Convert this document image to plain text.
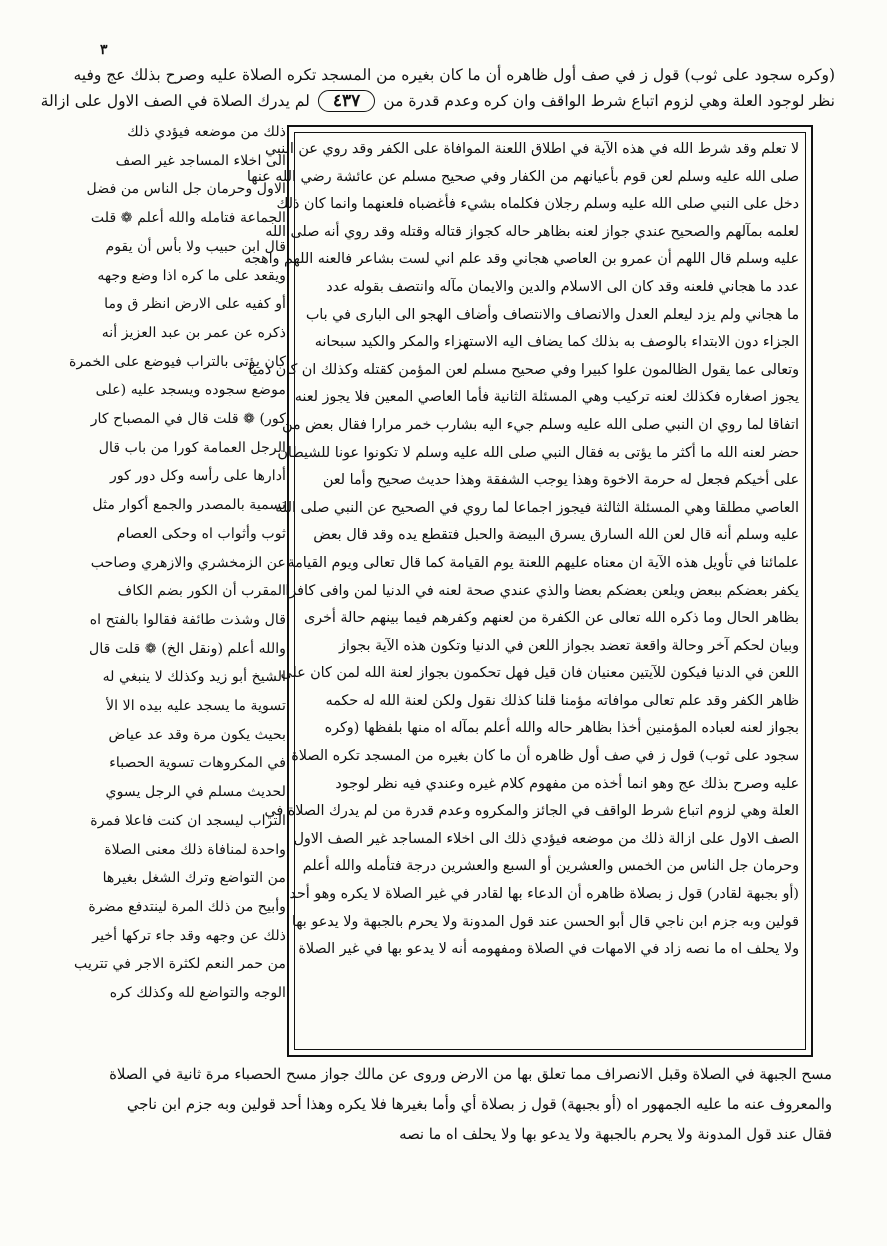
٣
(وكره سجود على ثوب) قول ز في صف أول ظاهره أن ما كان بغيره من المسجد تكره الصلاة عليه وصرح بذلك عج وفيه
نظر لوجود العلة وهي لزوم اتباع شرط الواقف وان كره وعدم قدرة من
٤٣٧
لم يدرك الصلاة في الصف الاول على ازالة

ذلك من موضعه فيؤدي ذلك

الى اخلاء المساجد غير الصف

الاول وحرمان جل الناس من فضل

الجماعة فتامله والله أعلم ❁ قلت

قال ابن حبيب ولا بأس أن يقوم

ويقعد على ما كره اذا وضع وجهه

أو كفيه على الارض انظر ق وما

ذكره عن عمر بن عبد العزيز أنه

كان يؤتى بالتراب فيوضع على الخمرة

موضع سجوده ويسجد عليه (على

كور) ❁ قلت قال في المصباح كار

الرجل العمامة كورا من باب قال

أدارها على رأسه وكل دور كور

تسمية بالمصدر والجمع أكوار مثل

ثوب وأثواب اه وحكى العصام

عن الزمخشري والازهري وصاحب

المقرب أن الكور بضم الكاف

قال وشذت طائفة فقالوا بالفتح اه

والله أعلم (ونقل الخ) ❁ قلت قال

الشيخ أبو زيد وكذلك لا ينبغي له

تسوية ما يسجد عليه بيده الا الأ

بحيث يكون مرة وقد عد عياض

في المكروهات تسوية الحصباء

لحديث مسلم في الرجل يسوي

التراب ليسجد ان كنت فاعلا فمرة

واحدة لمنافاة ذلك معنى الصلاة

من التواضع وترك الشغل بغيرها

وأبيح من ذلك المرة لينتدفع مضرة

ذلك عن وجهه وقد جاء تركها أخير

من حمر النعم لكثرة الاجر في تتريب

الوجه والتواضع لله وكذلك كره

لا تعلم وقد شرط الله في هذه الآية في اطلاق اللعنة الموافاة على الكفر وقد روي عن النبي

صلى الله عليه وسلم لعن قوم بأعيانهم من الكفار وفي صحيح مسلم عن عائشة رضي الله عنها

دخل على النبي صلى الله عليه وسلم رجلان فكلماه بشيء فأغضباه فلعنهما وانما كان ذلك

لعلمه بمآلهم والصحيح عندي جواز لعنه بظاهر حاله كجواز قتاله وقتله وقد روي أنه صلى الله

عليه وسلم قال اللهم أن عمرو بن العاصي هجاني وقد علم اني لست بشاعر فالعنه اللهم واهجه

عدد ما هجاني فلعنه وقد كان الى الاسلام والدين والايمان مآله وانتصف بقوله عدد

ما هجاني ولم يزد ليعلم العدل والانصاف والانتصاف وأضاف الهجو الى البارى في باب

الجزاء دون الابتداء بالوصف به بذلك كما يضاف اليه الاستهزاء والمكر والكيد سبحانه

وتعالى عما يقول الظالمون علوا كبيرا وفي صحيح مسلم لعن المؤمن كقتله وكذلك ان كان ذميا

يجوز اصغاره فكذلك لعنه تركيب وهي المسئلة الثانية فأما العاصي المعين فلا يجوز لعنه

اتفاقا لما روي ان النبي صلى الله عليه وسلم جيء اليه بشارب خمر مرارا فقال بعض من

حضر لعنه الله ما أكثر ما يؤتى به فقال النبي صلى الله عليه وسلم لا تكونوا عونا للشيطان

على أخيكم فجعل له حرمة الاخوة وهذا يوجب الشفقة وهذا حديث صحيح وأما لعن

العاصي مطلقا وهي المسئلة الثالثة فيجوز اجماعا لما روي في الصحيح عن النبي صلى الله

عليه وسلم أنه قال لعن الله السارق يسرق البيضة والحبل فتقطع يده وقد قال بعض

علمائنا في تأويل هذه الآية ان معناه عليهم اللعنة يوم القيامة كما قال تعالى ويوم القيامة

يكفر بعضكم ببعض ويلعن بعضكم بعضا والذي عندي صحة لعنه في الدنيا لمن وافى كافرا

بظاهر الحال وما ذكره الله تعالى عن الكفرة من لعنهم وكفرهم فيما بينهم حالة أخرى

وبيان لحكم آخر وحالة واقعة تعضد بجواز اللعن في الدنيا وتكون هذه الآية بجواز

اللعن في الدنيا فيكون للآيتين معنيان فان قيل فهل تحكمون بجواز لعنة الله لمن كان على

ظاهر الكفر وقد علم تعالى موافاته مؤمنا قلنا كذلك نقول ولكن لعنة الله له حكمه

بجواز لعنه لعباده المؤمنين أخذا بظاهر حاله والله أعلم بمآله اه منها بلفظها (وكره

سجود على ثوب) قول ز في صف أول ظاهره أن ما كان بغيره من المسجد تكره الصلاة

عليه وصرح بذلك عج وهو انما أخذه من مفهوم كلام غيره وعندي فيه نظر لوجود

العلة وهي لزوم اتباع شرط الواقف في الجائز والمكروه وعدم قدرة من لم يدرك الصلاة في

الصف الاول على ازالة ذلك من موضعه فيؤدي ذلك الى اخلاء المساجد غير الصف الاول

وحرمان جل الناس من الخمس والعشرين أو السبع والعشرين درجة فتأمله والله أعلم

(أو بجبهة لقادر) قول ز بصلاة ظاهره أن الدعاء بها لقادر في غير الصلاة لا يكره وهو أحد

قولين وبه جزم ابن ناجي قال أبو الحسن عند قول المدونة ولا يحرم بالجبهة ولا يدعو بها

ولا يحلف اه ما نصه زاد في الامهات في الصلاة ومفهومه أنه لا يدعو بها في غير الصلاة

مسح الجبهة في الصلاة وقبل الانصراف مما تعلق بها من الارض وروى عن مالك جواز مسح الحصباء مرة ثانية في الصلاة

والمعروف عنه ما عليه الجمهور اه (أو بجبهة) قول ز بصلاة أي وأما بغيرها فلا يكره وهذا أحد قولين وبه جزم ابن ناجي

فقال عند قول المدونة ولا يحرم بالجبهة ولا يدعو بها ولا يحلف اه ما نصه
